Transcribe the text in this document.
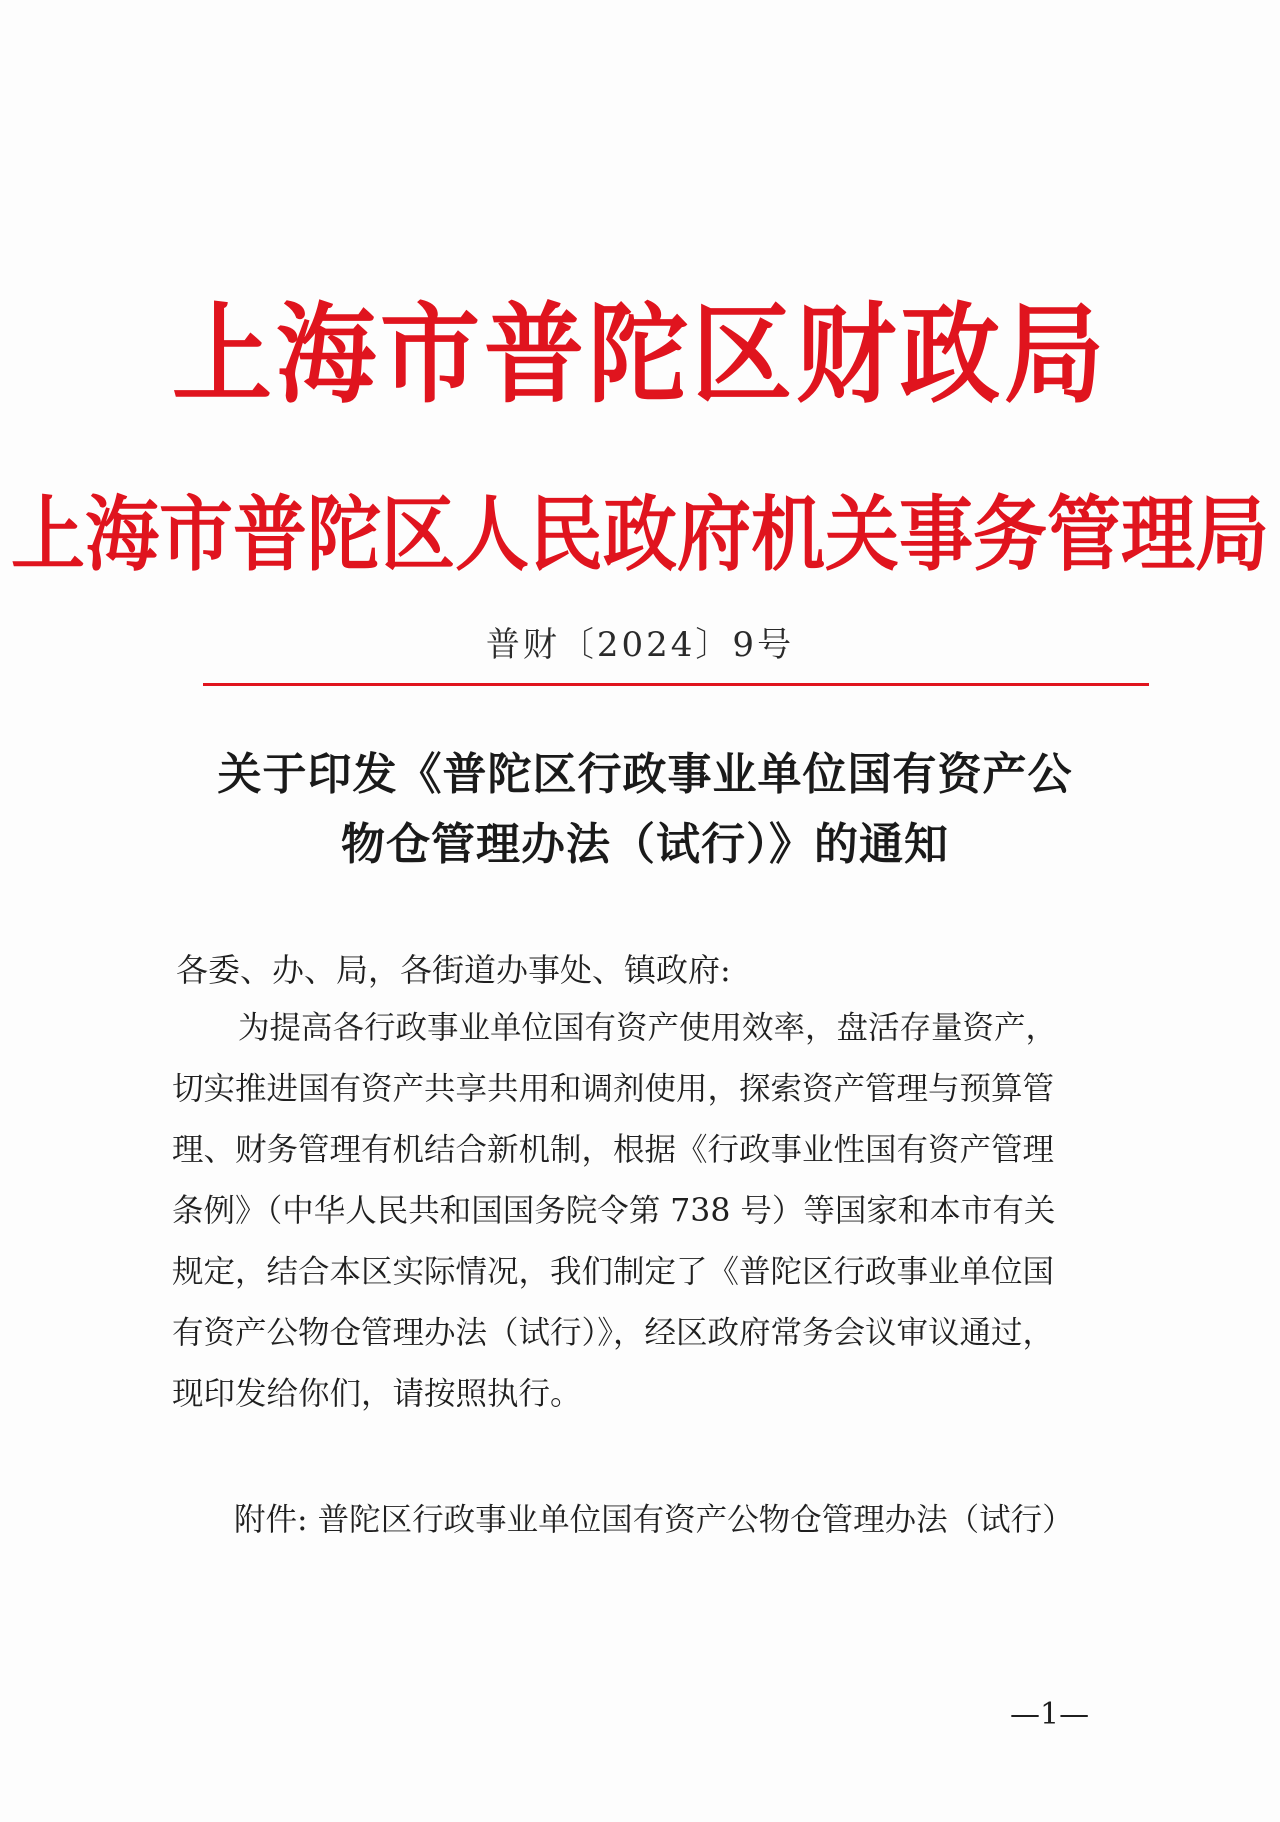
上海市普陀区财政局
上海市普陀区人民政府机关事务管理局
普财〔2024〕9号
关于印发《普陀区行政事业单位国有资产公
物仓管理办法（试行）》的通知
各委、办、局，各街道办事处、镇政府:
为提高各行政事业单位国有资产使用效率，盘活存量资产，
切实推进国有资产共享共用和调剂使用，探索资产管理与预算管
理、财务管理有机结合新机制，根据《行政事业性国有资产管理
条例》（中华人民共和国国务院令第 738 号）等国家和本市有关
规定，结合本区实际情况，我们制定了《普陀区行政事业单位国
有资产公物仓管理办法（试行）》，经区政府常务会议审议通过，
现印发给你们，请按照执行。
附件: 普陀区行政事业单位国有资产公物仓管理办法（试行）
—1—
